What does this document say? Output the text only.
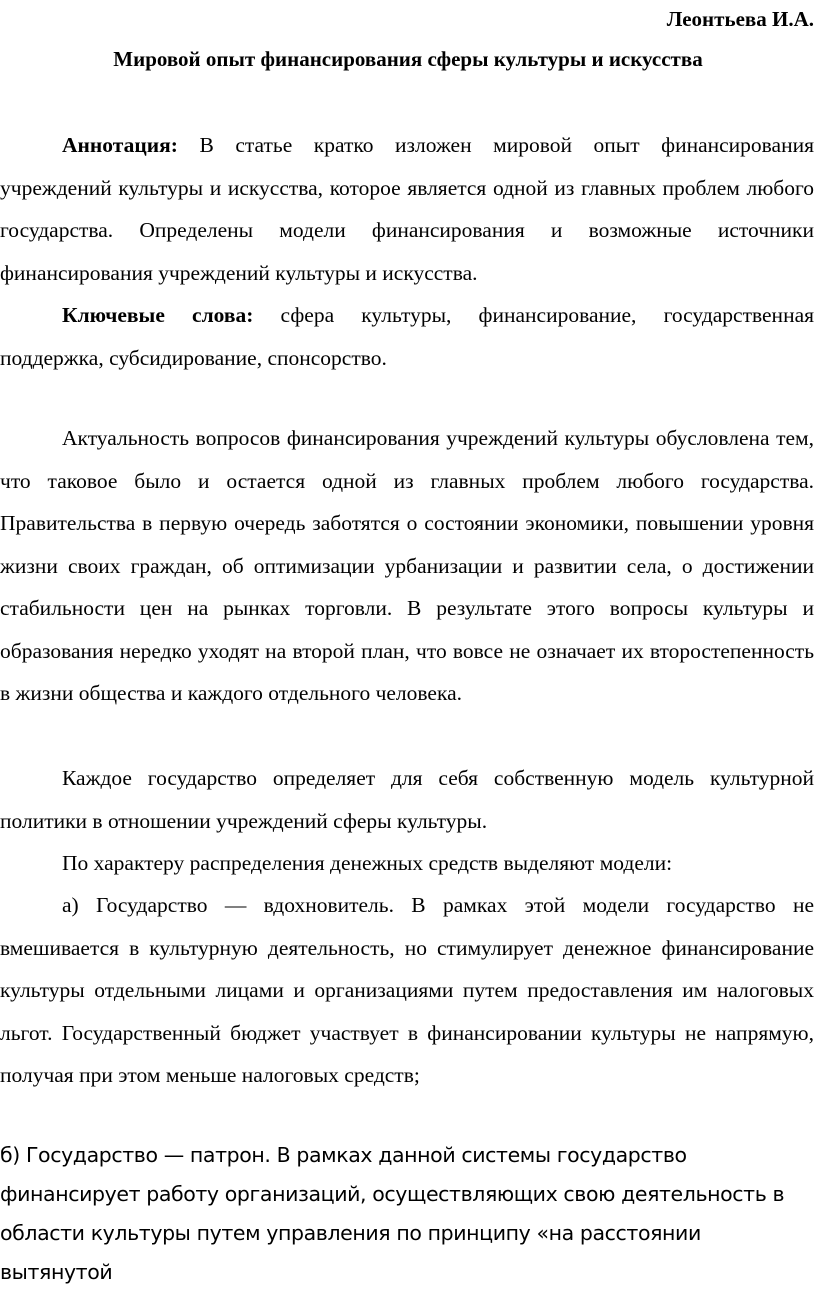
Леонтьева И.А.

Мировой опыт финансирования сферы культуры и искусства

Аннотация: В статье кратко изложен мировой опыт финансирования учреждений культуры и искусства, которое является одной из главных проблем любого государства. Определены модели финансирования и возможные источники финансирования учреждений культуры и искусства.

Ключевые слова: сфера культуры, финансирование, государственная поддержка, субсидирование, спонсорство.

Актуальность вопросов финансирования учреждений культуры обусловлена тем, что таковое было и остается одной из главных проблем любого государства. Правительства в первую очередь заботятся о состоянии экономики, повышении уровня жизни своих граждан, об оптимизации урбанизации и развитии села, о достижении стабильности цен на рынках торговли. В результате этого вопросы культуры и образования нередко уходят на второй план, что вовсе не означает их второстепенность в жизни общества и каждого отдельного человека.

Каждое государство определяет для себя собственную модель культурной политики в отношении учреждений сферы культуры.

По характеру распределения денежных средств выделяют модели:

а) Государство — вдохновитель. В рамках этой модели государство не вмешивается в культурную деятельность, но стимулирует денежное финансирование культуры отдельными лицами и организациями путем предоставления им налоговых льгот. Государственный бюджет участвует в финансировании культуры не напрямую, получая при этом меньше налоговых средств;

б) Государство — патрон. В рамках данной системы государство финансирует работу организаций, осуществляющих свою деятельность в области культуры путем управления по принципу «на расстоянии вытянутой
